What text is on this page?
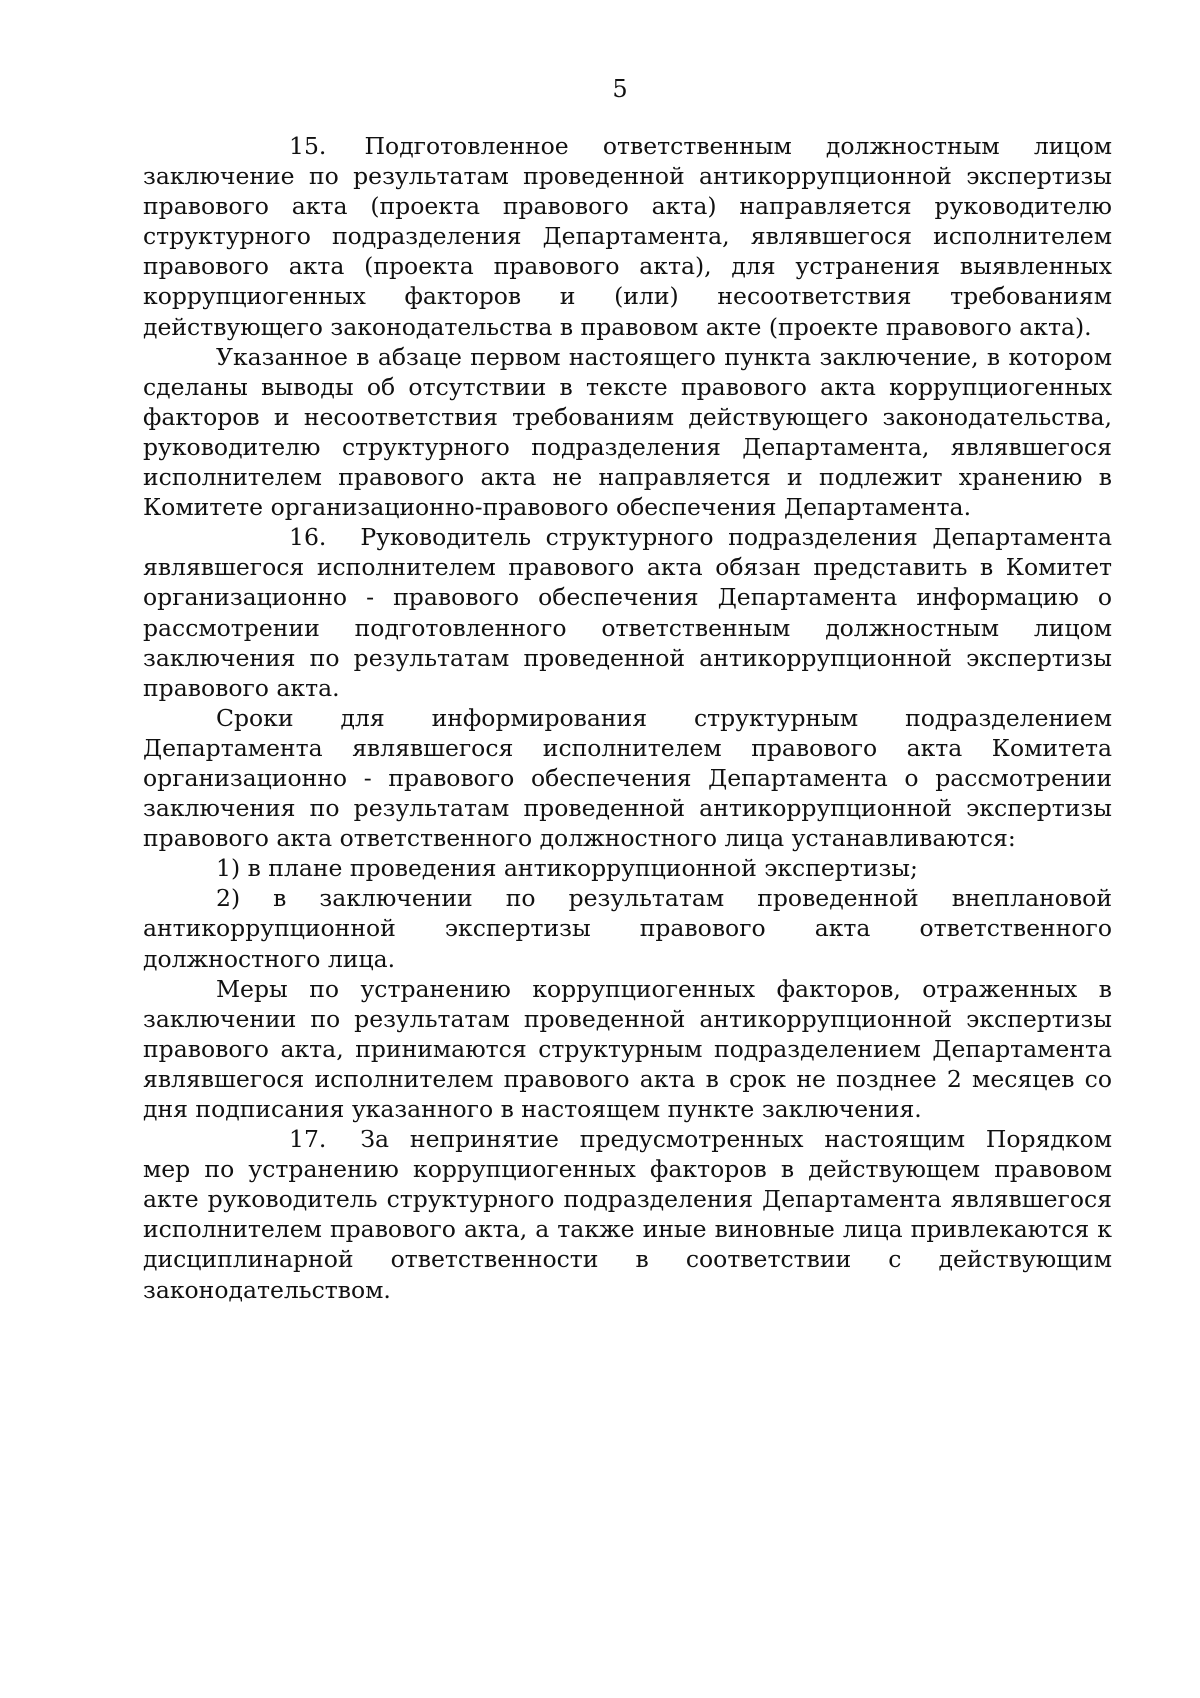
5

15. Подготовленное ответственным должностным лицом заключение по результатам проведенной антикоррупционной экспертизы правового акта (проекта правового акта) направляется руководителю структурного подразделения Департамента, являвшегося исполнителем правового акта (проекта правового акта), для устранения выявленных коррупциогенных факторов и (или) несоответствия требованиям действующего законодательства в правовом акте (проекте правового акта).

Указанное в абзаце первом настоящего пункта заключение, в котором сделаны выводы об отсутствии в тексте правового акта коррупциогенных факторов и несоответствия требованиям действующего законодательства, руководителю структурного подразделения Департамента, являвшегося исполнителем правового акта не направляется и подлежит хранению в Комитете организационно-правового обеспечения Департамента.

16. Руководитель структурного подразделения Департамента являвшегося исполнителем правового акта обязан представить в Комитет организационно - правового обеспечения Департамента информацию о рассмотрении подготовленного ответственным должностным лицом заключения по результатам проведенной антикоррупционной экспертизы правового акта.

Сроки для информирования структурным подразделением Департамента являвшегося исполнителем правового акта Комитета организационно - правового обеспечения Департамента о рассмотрении заключения по результатам проведенной антикоррупционной экспертизы правового акта ответственного должностного лица устанавливаются:

1) в плане проведения антикоррупционной экспертизы;

2) в заключении по результатам проведенной внеплановой антикоррупционной экспертизы правового акта ответственного должностного лица.

Меры по устранению коррупциогенных факторов, отраженных в заключении по результатам проведенной антикоррупционной экспертизы правового акта, принимаются структурным подразделением Департамента являвшегося исполнителем правового акта в срок не позднее 2 месяцев со дня подписания указанного в настоящем пункте заключения.

17. За непринятие предусмотренных настоящим Порядком мер по устранению коррупциогенных факторов в действующем правовом акте руководитель структурного подразделения Департамента являвшегося исполнителем правового акта, а также иные виновные лица привлекаются к дисциплинарной ответственности в соответствии с действующим законодательством.
